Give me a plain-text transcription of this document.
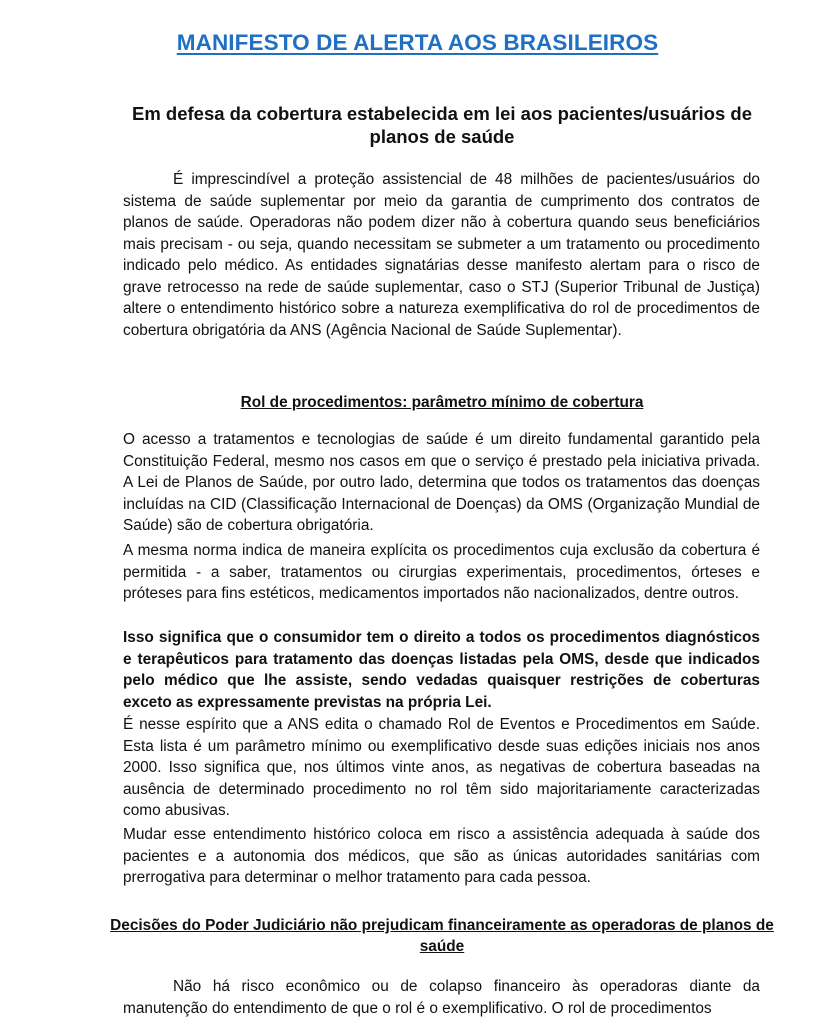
MANIFESTO DE ALERTA AOS BRASILEIROS
Em defesa da cobertura estabelecida em lei aos pacientes/usuários de planos de saúde
É imprescindível a proteção assistencial de 48 milhões de pacientes/usuários do sistema de saúde suplementar por meio da garantia de cumprimento dos contratos de planos de saúde. Operadoras não podem dizer não à cobertura quando seus beneficiários mais precisam - ou seja, quando necessitam se submeter a um tratamento ou procedimento indicado pelo médico. As entidades signatárias desse manifesto alertam para o risco de grave retrocesso na rede de saúde suplementar, caso o STJ (Superior Tribunal de Justiça) altere o entendimento histórico sobre a natureza exemplificativa do rol de procedimentos de cobertura obrigatória da ANS (Agência Nacional de Saúde Suplementar).
Rol de procedimentos: parâmetro mínimo de cobertura
O acesso a tratamentos e tecnologias de saúde é um direito fundamental garantido pela Constituição Federal, mesmo nos casos em que o serviço é prestado pela iniciativa privada. A Lei de Planos de Saúde, por outro lado, determina que todos os tratamentos das doenças incluídas na CID (Classificação Internacional de Doenças) da OMS (Organização Mundial de Saúde) são de cobertura obrigatória.
A mesma norma indica de maneira explícita os procedimentos cuja exclusão da cobertura é permitida - a saber, tratamentos ou cirurgias experimentais, procedimentos, órteses e próteses para fins estéticos, medicamentos importados não nacionalizados, dentre outros.
Isso significa que o consumidor tem o direito a todos os procedimentos diagnósticos e terapêuticos para tratamento das doenças listadas pela OMS, desde que indicados pelo médico que lhe assiste, sendo vedadas quaisquer restrições de coberturas exceto as expressamente previstas na própria Lei.
É nesse espírito que a ANS edita o chamado Rol de Eventos e Procedimentos em Saúde. Esta lista é um parâmetro mínimo ou exemplificativo desde suas edições iniciais nos anos 2000. Isso significa que, nos últimos vinte anos, as negativas de cobertura baseadas na ausência de determinado procedimento no rol têm sido majoritariamente caracterizadas como abusivas.
Mudar esse entendimento histórico coloca em risco a assistência adequada à saúde dos pacientes e a autonomia dos médicos, que são as únicas autoridades sanitárias com prerrogativa para determinar o melhor tratamento para cada pessoa.
Decisões do Poder Judiciário não prejudicam financeiramente as operadoras de planos de saúde
Não há risco econômico ou de colapso financeiro às operadoras diante da manutenção do entendimento de que o rol é o exemplificativo. O rol de procedimentos
